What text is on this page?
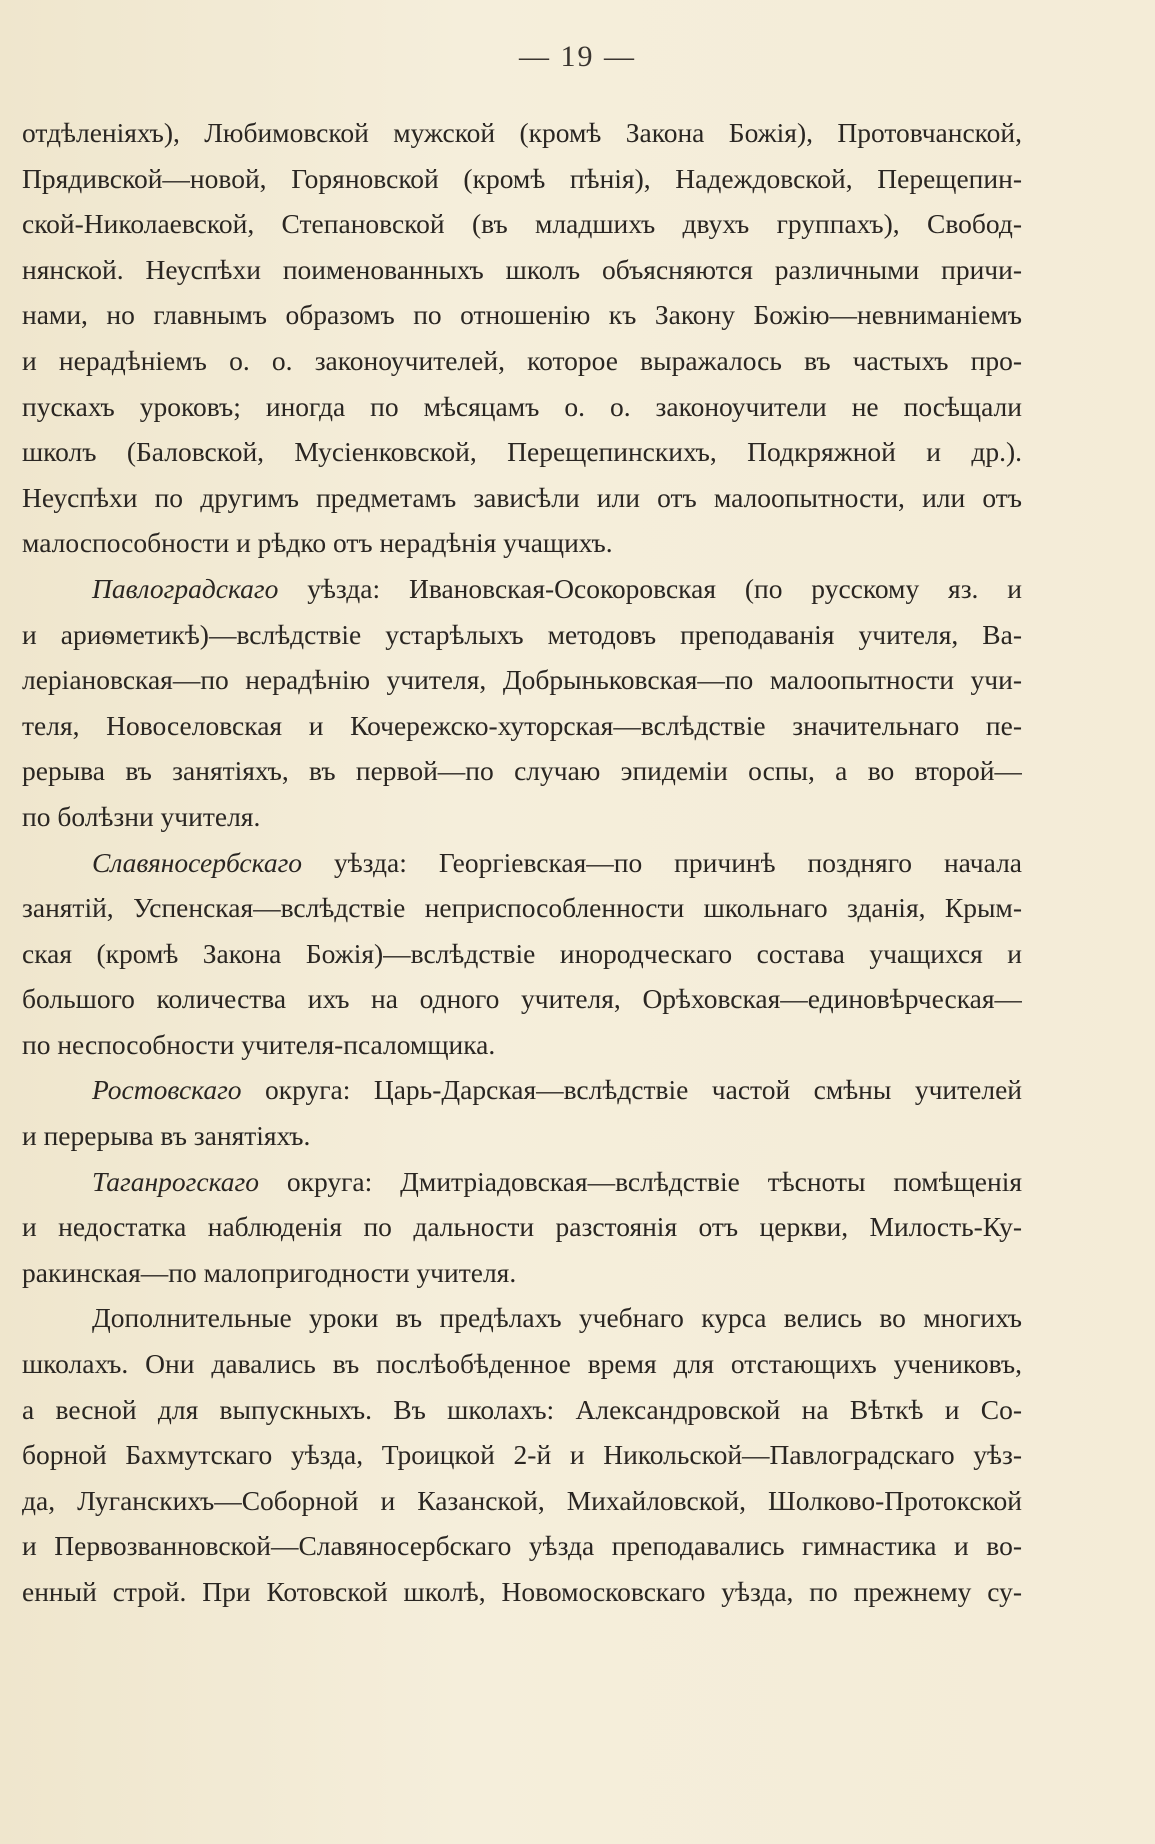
— 19 —
отдѣленіяхъ), Любимовской мужской (кромѣ Закона Божія), Протовчанской,
Прядивской—новой, Горяновской (кромѣ пѣнія), Надеждовской, Перещепин-
ской-Николаевской, Степановской (въ младшихъ двухъ группахъ), Свобод-
нянской. Неуспѣхи поименованныхъ школъ объясняются различными причи-
нами, но главнымъ образомъ по отношенію къ Закону Божію—невниманіемъ
и нерадѣніемъ о. о. законоучителей, которое выражалось въ частыхъ про-
пускахъ уроковъ; иногда по мѣсяцамъ о. о. законоучители не посѣщали
школъ (Баловской, Мусіенковской, Перещепинскихъ, Подкряжной и др.).
Неуспѣхи по другимъ предметамъ зависѣли или отъ малоопытности, или отъ
малоспособности и рѣдко отъ нерадѣнія учащихъ.
Павлоградскаго уѣзда: Ивановская-Осокоровская (по русскому яз. и
и ариѳметикѣ)—вслѣдствіе устарѣлыхъ методовъ преподаванія учителя, Ва-
леріановская—по нерадѣнію учителя, Добрыньковская—по малоопытности учи-
теля, Новоселовская и Кочережско-хуторская—вслѣдствіе значительнаго пе-
рерыва въ занятіяхъ, въ первой—по случаю эпидеміи оспы, а во второй—
по болѣзни учителя.
Славяносербскаго уѣзда: Георгіевская—по причинѣ поздняго начала
занятій, Успенская—вслѣдствіе неприспособленности школьнаго зданія, Крым-
ская (кромѣ Закона Божія)—вслѣдствіе инородческаго состава учащихся и
большого количества ихъ на одного учителя, Орѣховская—единовѣрческая—
по неспособности учителя-псаломщика.
Ростовскаго округа: Царь-Дарская—вслѣдствіе частой смѣны учителей
и перерыва въ занятіяхъ.
Таганрогскаго округа: Дмитріадовская—вслѣдствіе тѣсноты помѣщенія
и недостатка наблюденія по дальности разстоянія отъ церкви, Милость-Ку-
ракинская—по малопригодности учителя.
Дополнительные уроки въ предѣлахъ учебнаго курса велись во многихъ
школахъ. Они давались въ послѣобѣденное время для отстающихъ учениковъ,
а весной для выпускныхъ. Въ школахъ: Александровской на Вѣткѣ и Со-
борной Бахмутскаго уѣзда, Троицкой 2-й и Никольской—Павлоградскаго уѣз-
да, Луганскихъ—Соборной и Казанской, Михайловской, Шолково-Протокской
и Первозванновской—Славяносербскаго уѣзда преподавались гимнастика и во-
енный строй. При Котовской школѣ, Новомосковскаго уѣзда, по прежнему су-
